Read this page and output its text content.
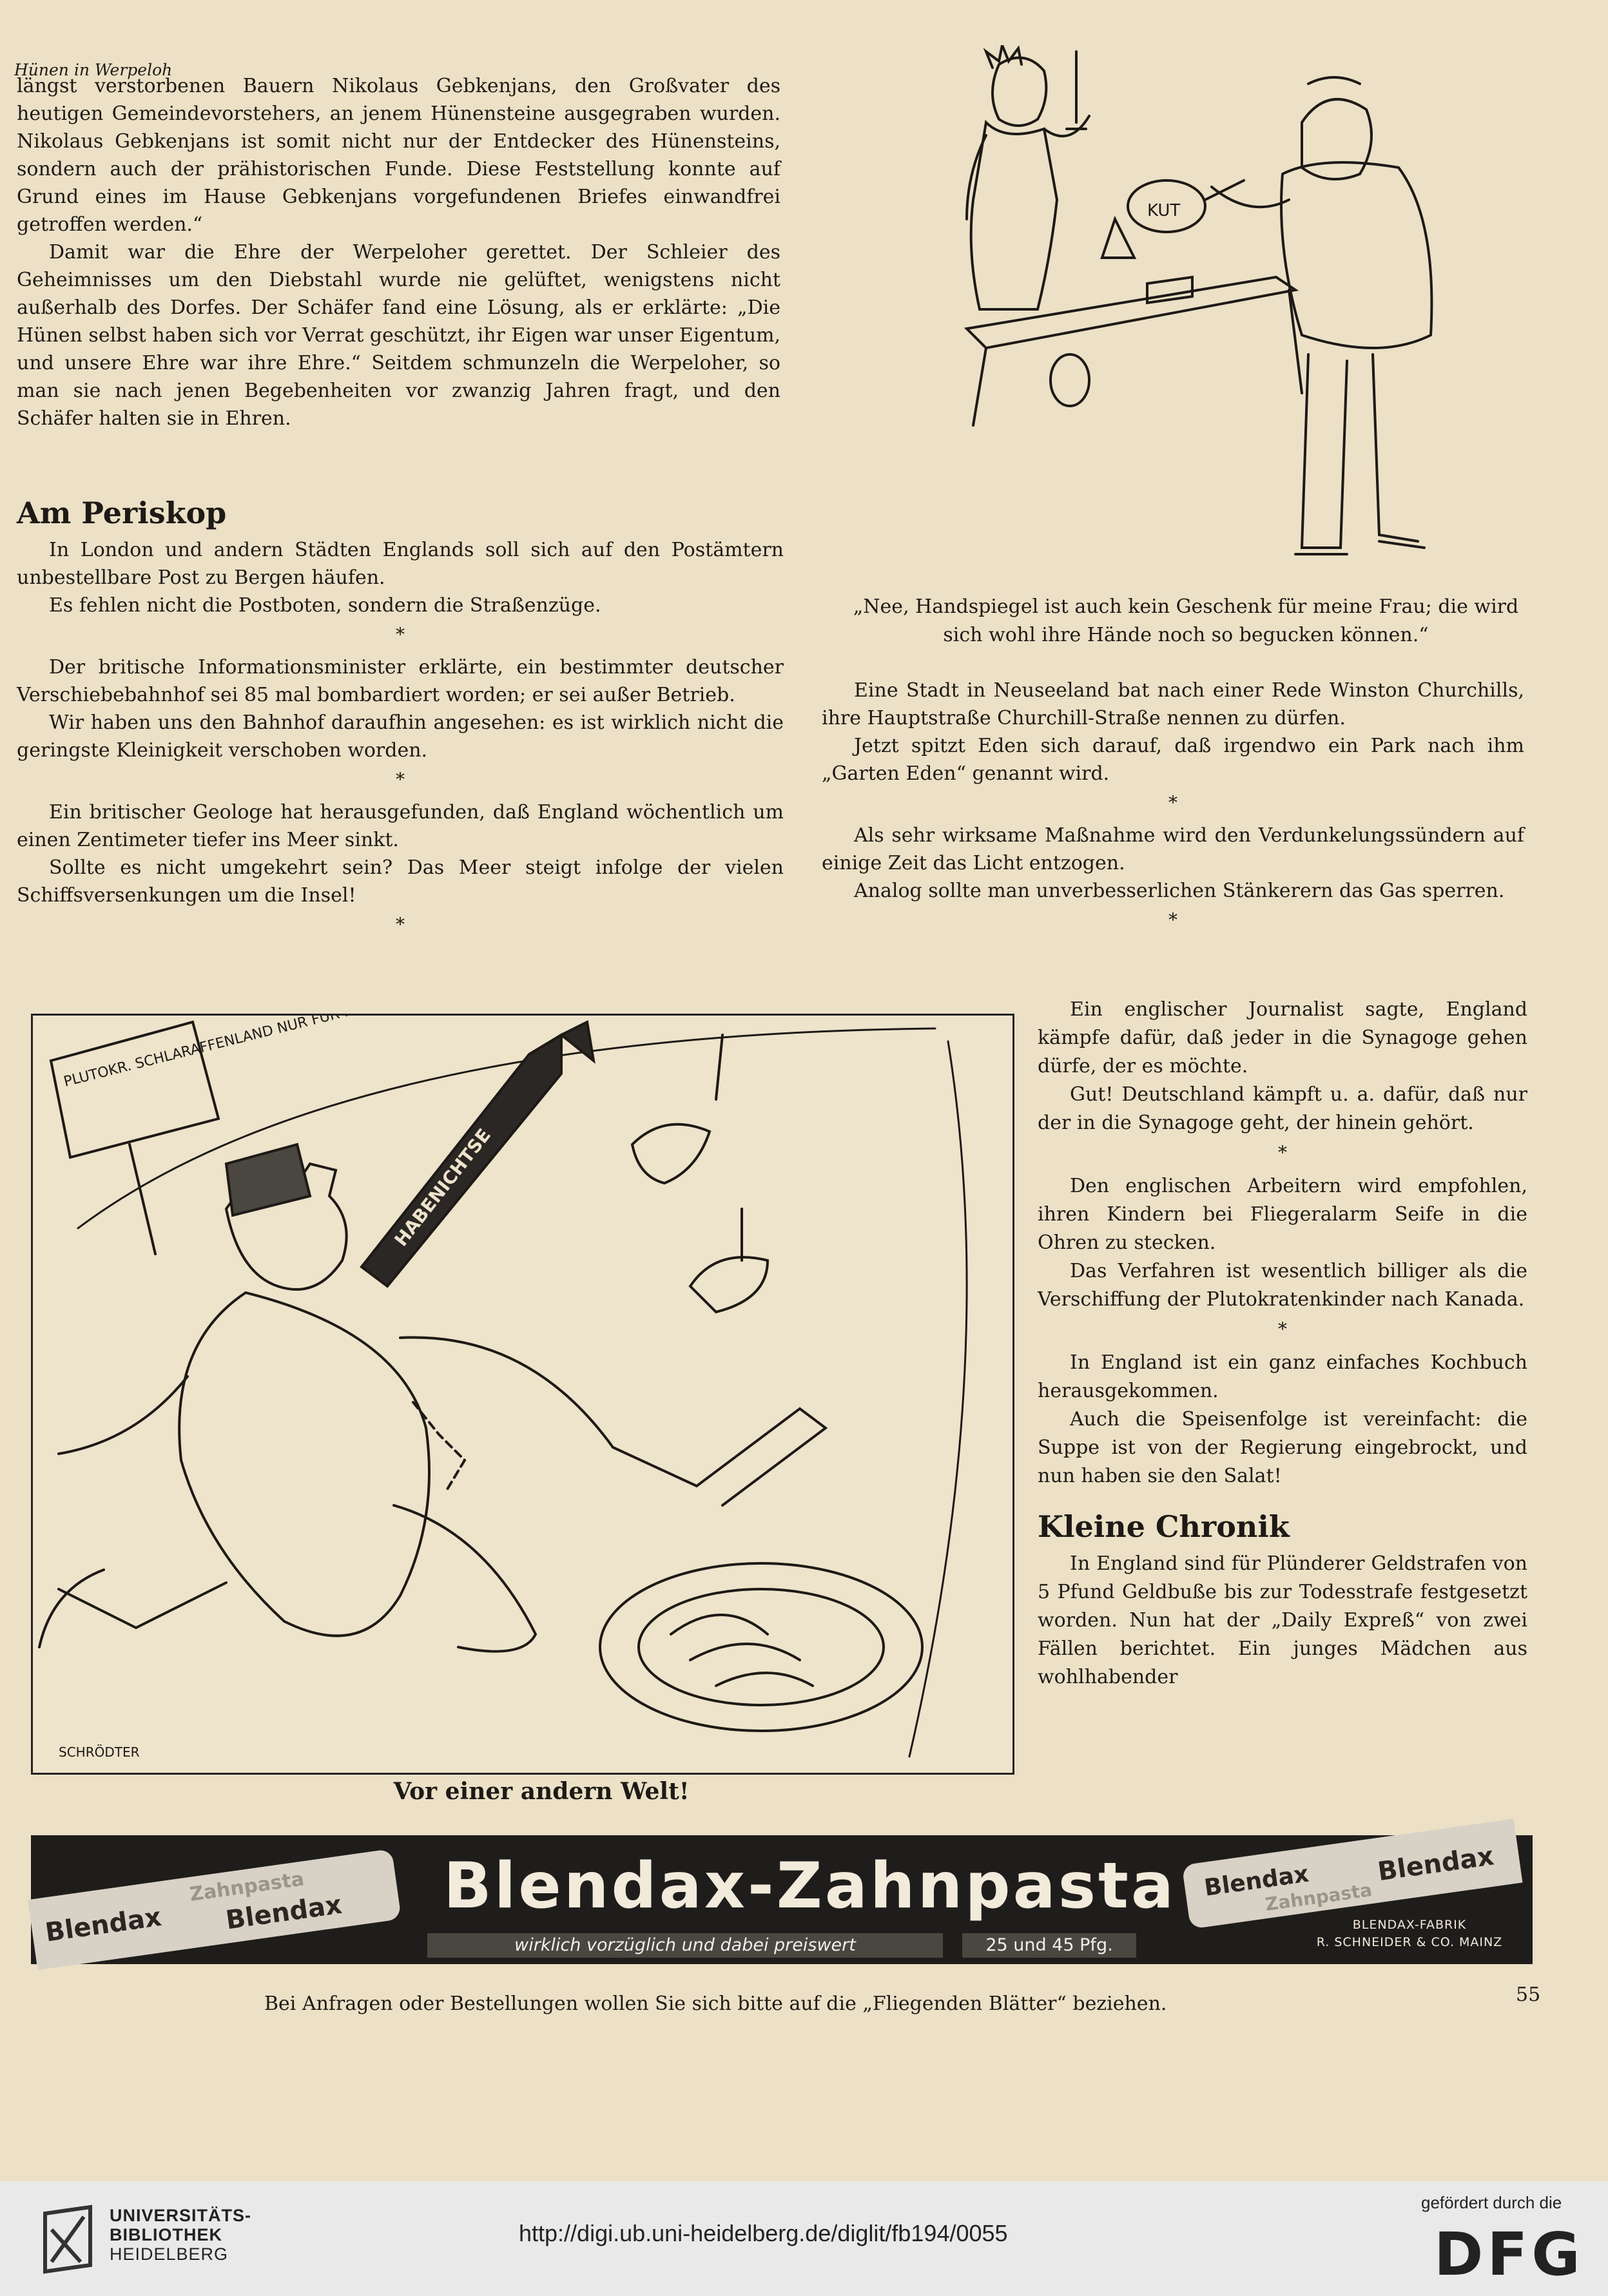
Hünen in Werpeloh

längst verstorbenen Bauern Nikolaus Gebkenjans, den Großvater des heutigen Gemeindevorstehers, an jenem Hünensteine ausgegraben wurden. Nikolaus Gebkenjans ist somit nicht nur der Entdecker des Hünensteins, sondern auch der prähistorischen Funde. Diese Feststellung konnte auf Grund eines im Hause Gebkenjans vorgefundenen Briefes einwandfrei getroffen werden.“

Damit war die Ehre der Werpeloher gerettet. Der Schleier des Geheimnisses um den Diebstahl wurde nie gelüftet, wenigstens nicht außerhalb des Dorfes. Der Schäfer fand eine Lösung, als er erklärte: „Die Hünen selbst haben sich vor Verrat geschützt, ihr Eigen war unser Eigentum, und unsere Ehre war ihre Ehre.“ Seitdem schmunzeln die Werpeloher, so man sie nach jenen Begebenheiten vor zwanzig Jahren fragt, und den Schäfer halten sie in Ehren.

Am Periskop

In London und andern Städten Englands soll sich auf den Postämtern unbestellbare Post zu Bergen häufen.

Es fehlen nicht die Postboten, sondern die Straßenzüge.

*

Der britische Informationsminister erklärte, ein bestimmter deutscher Verschiebebahnhof sei 85 mal bombardiert worden; er sei außer Betrieb.

Wir haben uns den Bahnhof daraufhin angesehen: es ist wirklich nicht die geringste Kleinigkeit verschoben worden.

*

Ein britischer Geologe hat herausgefunden, daß England wöchentlich um einen Zentimeter tiefer ins Meer sinkt.

Sollte es nicht umgekehrt sein? Das Meer steigt infolge der vielen Schiffsversenkungen um die Insel!

*

KUT
„Nee, Handspiegel ist auch kein Geschenk für meine Frau; die wird sich wohl ihre Hände noch so begucken können.“

Eine Stadt in Neuseeland bat nach einer Rede Winston Churchills, ihre Hauptstraße Churchill-Straße nennen zu dürfen.

Jetzt spitzt Eden sich darauf, daß irgendwo ein Park nach ihm „Garten Eden“ genannt wird.

*

Als sehr wirksame Maßnahme wird den Verdunkelungssündern auf einige Zeit das Licht entzogen.

Analog sollte man unverbesserlichen Stänkerern das Gas sperren.

*

Ein englischer Journalist sagte, England kämpfe dafür, daß jeder in die Synagoge gehen dürfe, der es möchte.

Gut! Deutschland kämpft u. a. dafür, daß nur der in die Synagoge geht, der hinein gehört.

*

Den englischen Arbeitern wird empfohlen, ihren Kindern bei Fliegeralarm Seife in die Ohren zu stecken.

Das Verfahren ist wesentlich billiger als die Verschiffung der Plutokratenkinder nach Kanada.

*

In England ist ein ganz einfaches Kochbuch herausgekommen.

Auch die Speisenfolge ist vereinfacht: die Suppe ist von der Regierung eingebrockt, und nun haben sie den Salat!

Kleine Chronik

In England sind für Plünderer Geldstrafen von 5 Pfund Geldbuße bis zur Todesstrafe festgesetzt worden. Nun hat der „Daily Expreß“ von zwei Fällen berichtet. Ein junges Mädchen aus wohlhabender

PLUTOKR. SCHLARAFFENLAND NUR FÜR HABENDE
HABENICHTSE
SCHRÖDTER
Vor einer andern Welt!
Blendax
Zahnpasta
Blendax Blendax-Zahnpasta
wirklich vorzüglich und dabei preiswert	25 und 45 Pfg.
Blendax	Blendax
Zahnpasta
BLENDAX-FABRIK
R. SCHNEIDER & CO. MAINZ
Bei Anfragen oder Bestellungen wollen Sie sich bitte auf die „Fliegenden Blätter“ beziehen.	55
UNIVERSITÄTS-
BIBLIOTHEK
HEIDELBERG
http://digi.ub.uni-heidelberg.de/diglit/fb194/0055
gefördert durch die
DFG
